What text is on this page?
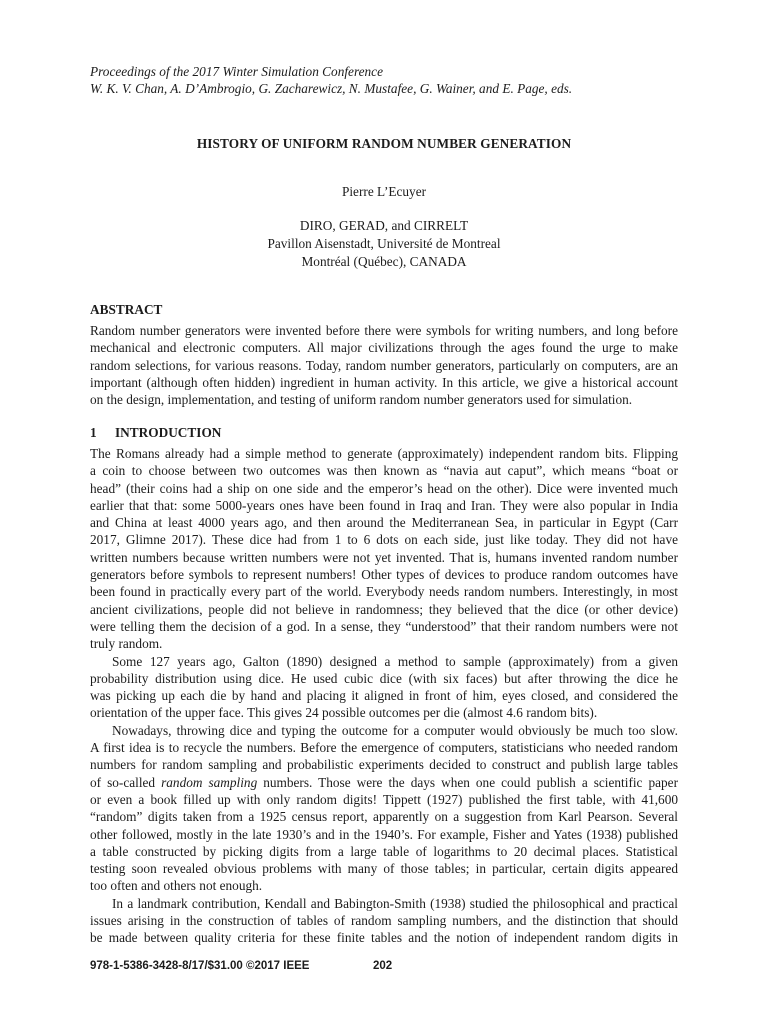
Proceedings of the 2017 Winter Simulation Conference
W. K. V. Chan, A. D’Ambrogio, G. Zacharewicz, N. Mustafee, G. Wainer, and E. Page, eds.
HISTORY OF UNIFORM RANDOM NUMBER GENERATION
Pierre L’Ecuyer
DIRO, GERAD, and CIRRELT
Pavillon Aisenstadt, Université de Montreal
Montréal (Québec), CANADA
ABSTRACT
Random number generators were invented before there were symbols for writing numbers, and long before
mechanical and electronic computers. All major civilizations through the ages found the urge to make
random selections, for various reasons. Today, random number generators, particularly on computers, are an
important (although often hidden) ingredient in human activity. In this article, we give a historical account
on the design, implementation, and testing of uniform random number generators used for simulation.
1 INTRODUCTION
The Romans already had a simple method to generate (approximately) independent random bits. Flipping
a coin to choose between two outcomes was then known as “navia aut caput”, which means “boat or
head” (their coins had a ship on one side and the emperor’s head on the other). Dice were invented much
earlier that that: some 5000-years ones have been found in Iraq and Iran. They were also popular in India
and China at least 4000 years ago, and then around the Mediterranean Sea, in particular in Egypt (Carr
2017, Glimne 2017). These dice had from 1 to 6 dots on each side, just like today. They did not have
written numbers because written numbers were not yet invented. That is, humans invented random number
generators before symbols to represent numbers! Other types of devices to produce random outcomes have
been found in practically every part of the world. Everybody needs random numbers. Interestingly, in most
ancient civilizations, people did not believe in randomness; they believed that the dice (or other device)
were telling them the decision of a god. In a sense, they “understood” that their random numbers were not
truly random.
Some 127 years ago, Galton (1890) designed a method to sample (approximately) from a given
probability distribution using dice. He used cubic dice (with six faces) but after throwing the dice he
was picking up each die by hand and placing it aligned in front of him, eyes closed, and considered the
orientation of the upper face. This gives 24 possible outcomes per die (almost 4.6 random bits).
Nowadays, throwing dice and typing the outcome for a computer would obviously be much too slow.
A first idea is to recycle the numbers. Before the emergence of computers, statisticians who needed random
numbers for random sampling and probabilistic experiments decided to construct and publish large tables
of so-called random sampling numbers. Those were the days when one could publish a scientific paper
or even a book filled up with only random digits! Tippett (1927) published the first table, with 41,600
“random” digits taken from a 1925 census report, apparently on a suggestion from Karl Pearson. Several
other followed, mostly in the late 1930’s and in the 1940’s. For example, Fisher and Yates (1938) published
a table constructed by picking digits from a large table of logarithms to 20 decimal places. Statistical
testing soon revealed obvious problems with many of those tables; in particular, certain digits appeared
too often and others not enough.
In a landmark contribution, Kendall and Babington-Smith (1938) studied the philosophical and practical
issues arising in the construction of tables of random sampling numbers, and the distinction that should
be made between quality criteria for these finite tables and the notion of independent random digits in
978-1-5386-3428-8/17/$31.00 ©2017 IEEE	202
